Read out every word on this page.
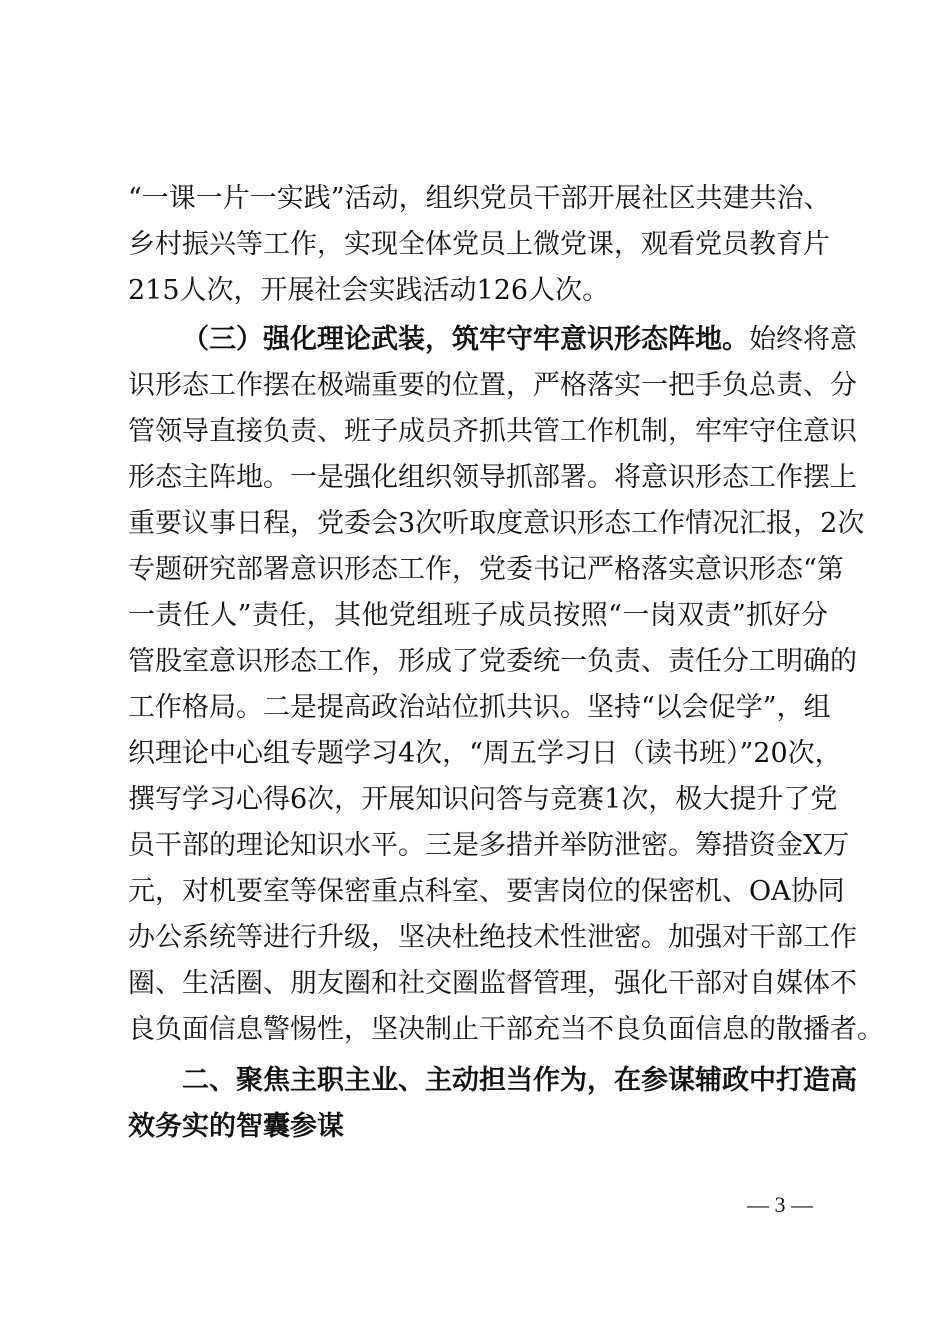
“一课一片一实践”活动，组织党员干部开展社区共建共治、
乡村振兴等工作，实现全体党员上微党课，观看党员教育片
215人次，开展社会实践活动126人次。
（三）强化理论武装，筑牢守牢意识形态阵地。始终将意
识形态工作摆在极端重要的位置，严格落实一把手负总责、分
管领导直接负责、班子成员齐抓共管工作机制，牢牢守住意识
形态主阵地。一是强化组织领导抓部署。将意识形态工作摆上
重要议事日程，党委会3次听取度意识形态工作情况汇报，2次
专题研究部署意识形态工作，党委书记严格落实意识形态“第
一责任人”责任，其他党组班子成员按照“一岗双责”抓好分
管股室意识形态工作，形成了党委统一负责、责任分工明确的
工作格局。二是提高政治站位抓共识。坚持“以会促学”，组
织理论中心组专题学习4次，“周五学习日（读书班）”20次，
撰写学习心得6次，开展知识问答与竞赛1次，极大提升了党
员干部的理论知识水平。三是多措并举防泄密。筹措资金X万
元，对机要室等保密重点科室、要害岗位的保密机、OA协同
办公系统等进行升级，坚决杜绝技术性泄密。加强对干部工作
圈、生活圈、朋友圈和社交圈监督管理，强化干部对自媒体不
良负面信息警惕性，坚决制止干部充当不良负面信息的散播者。
二、聚焦主职主业、主动担当作为，在参谋辅政中打造高
效务实的智囊参谋
— 3 —
